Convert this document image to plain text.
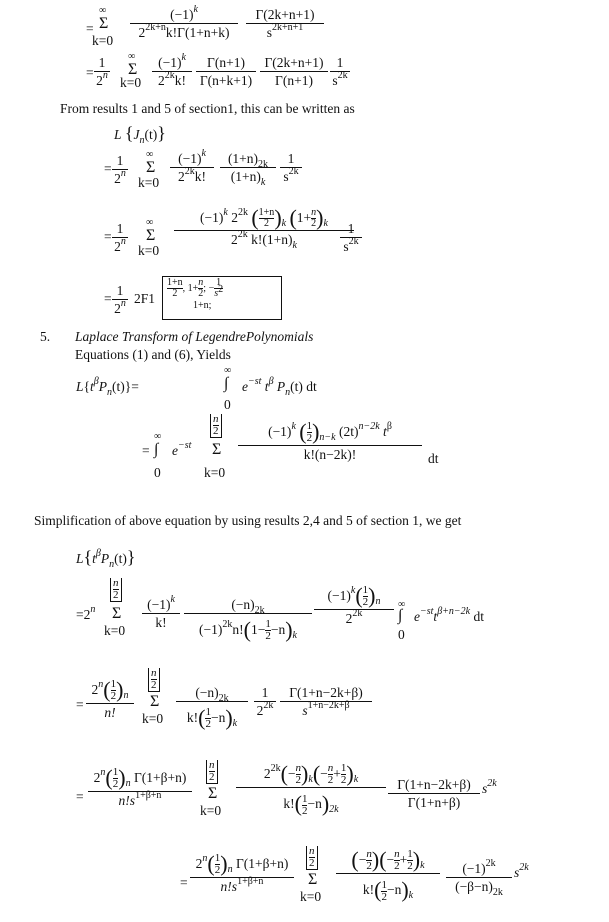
=
∞
Σ
k=0
$(-1)^k$
$2^{2k+n}k!\Gamma(1+n+k)$
Γ(2k+n+1)
$s^{2k+n+1}$
=
1
2$^n$
∞
Σ
k=0
$(-1)^k$
$2^{2k}k$!
Γ(n+1)
Γ(n+k+1)
Γ(2k+n+1)
Γ(n+1)
1
$s^{2k}$
From results 1 and 5 of section1, this can be written as
L $\{J_n(t)\}$
=
1
2$^n$
∞
Σ
k=0
$(-1)^k$
$2^{2k}k$!
$(1+n)_{2k}$
$(1+n)_k$
1
$s^{2k}$
=
1
2$^n$
∞
Σ
k=0
$(-1)^k$ $2^{2k}$ ( $\frac{1+n}{2} )_k$ $(1+ \frac{n}{2} )_k$
$2^{2k}$ $k!(1+n)_k$
1
$s^{2k}$
=
1
2$^n$ $2F1 \frac{1+n}{2}$ , $1+ \frac{n}{2}$ ; − $\frac{1}{s2}$
1+n;
5. Laplace Transform of LegendrePolynomials
Equations (1) and (6), Yields
$L\{t^\beta P_n(t)\}=$
∞
∫
0
$e^{-st}$ $t^\beta$ $P_n(t)$ dt
=
∞
∫
0
$e^{-st}$
n
2
Σ
k=0
$(-1)^k$ ( $\frac{1}{2} )_{n-k}$ $(2t)^{n-2k}$ $t^\beta$
k!(n−2k)!	dt
Simplification of above equation by using results 2,4 and 5 of section 1, we get
$L\{t^\beta P_n(t)\}$
$=2^n$
n
2
Σ
k=0
$(-1)^k$
k!
$(-n)_{2k}$
$(-1)^{2k}n!(1- \frac{1}{2} -n)_k$
$(-1)^k( \frac{1}{2} )_n$
$2^{2k}$
∞
∫
0
$e^{-st}t^{\beta+n-2k}$ dt
=
$2^n( \frac{1}{2} )_n$
n!
n
2
Σ
k=0
$(-n)_{2k}$
$k!( \frac{1}{2} -n)_k$
1
$2^{2k}$
Γ(1+n−2k+β)
$s^{1+n-2k+\beta}$
=
$2^n( \frac{1}{2} )_n$ Γ(1+β+n)
$n!s^{1+\beta+n}$
n
2
Σ
k=0
$2^{2k}(- \frac{n}{2} )_k(- \frac{n}{2} + \frac{1}{2} )_k$
$k!( \frac{1}{2} -n)_{2k}$
Γ(1+n−2k+β)
Γ(1+n+β)
$s^{2k}$
=
$2^n( \frac{1}{2} )_n$ Γ(1+β+n)
$n!s^{1+\beta+n}$
n
2
Σ
k=0
(− $\frac{n}{2}$ )(− $\frac{n}{2} + \frac{1}{2} )_k$
$k!( \frac{1}{2} -n)_k$
$(-1)^{2k}$
$(-\beta-n)_{2k}$
$s^{2k}$
